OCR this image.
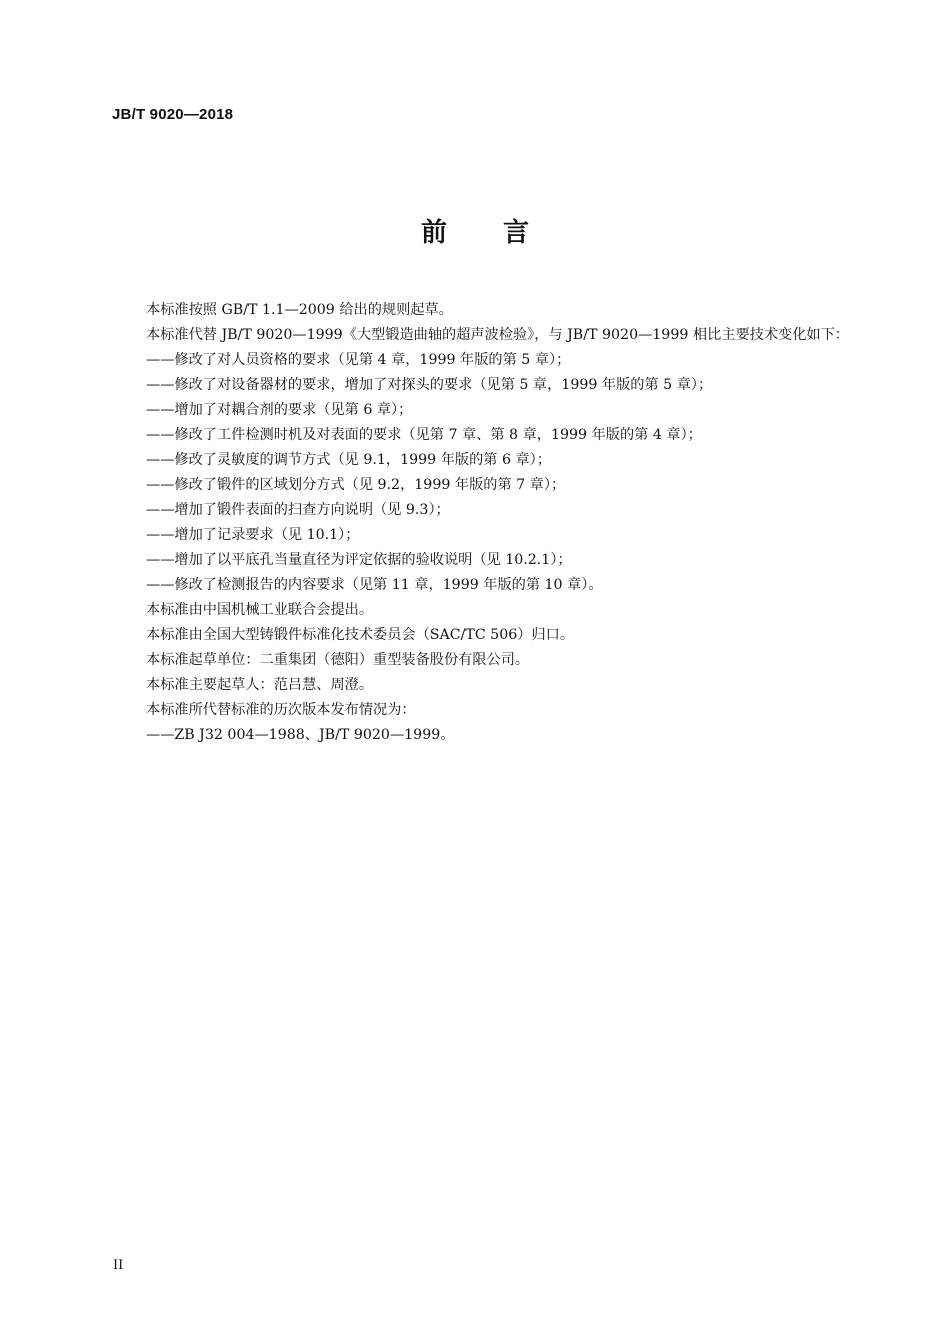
JB/T 9020—2018
前言

本标准按照 GB/T 1.1—2009 给出的规则起草。

本标准代替 JB/T 9020—1999《大型锻造曲轴的超声波检验》，与 JB/T 9020—1999 相比主要技术变化如下：

——修改了对人员资格的要求（见第 4 章，1999 年版的第 5 章）；
——修改了对设备器材的要求，增加了对探头的要求（见第 5 章，1999 年版的第 5 章）；
——增加了对耦合剂的要求（见第 6 章）；
——修改了工件检测时机及对表面的要求（见第 7 章、第 8 章，1999 年版的第 4 章）；
——修改了灵敏度的调节方式（见 9.1，1999 年版的第 6 章）；
——修改了锻件的区域划分方式（见 9.2，1999 年版的第 7 章）；
——增加了锻件表面的扫查方向说明（见 9.3）；
——增加了记录要求（见 10.1）；
——增加了以平底孔当量直径为评定依据的验收说明（见 10.2.1）；
——修改了检测报告的内容要求（见第 11 章，1999 年版的第 10 章）。

本标准由中国机械工业联合会提出。

本标准由全国大型铸锻件标准化技术委员会（SAC/TC 506）归口。

本标准起草单位：二重集团（德阳）重型装备股份有限公司。

本标准主要起草人：范吕慧、周澄。

本标准所代替标准的历次版本发布情况为：

——ZB J32 004—1988、JB/T 9020—1999。
II
